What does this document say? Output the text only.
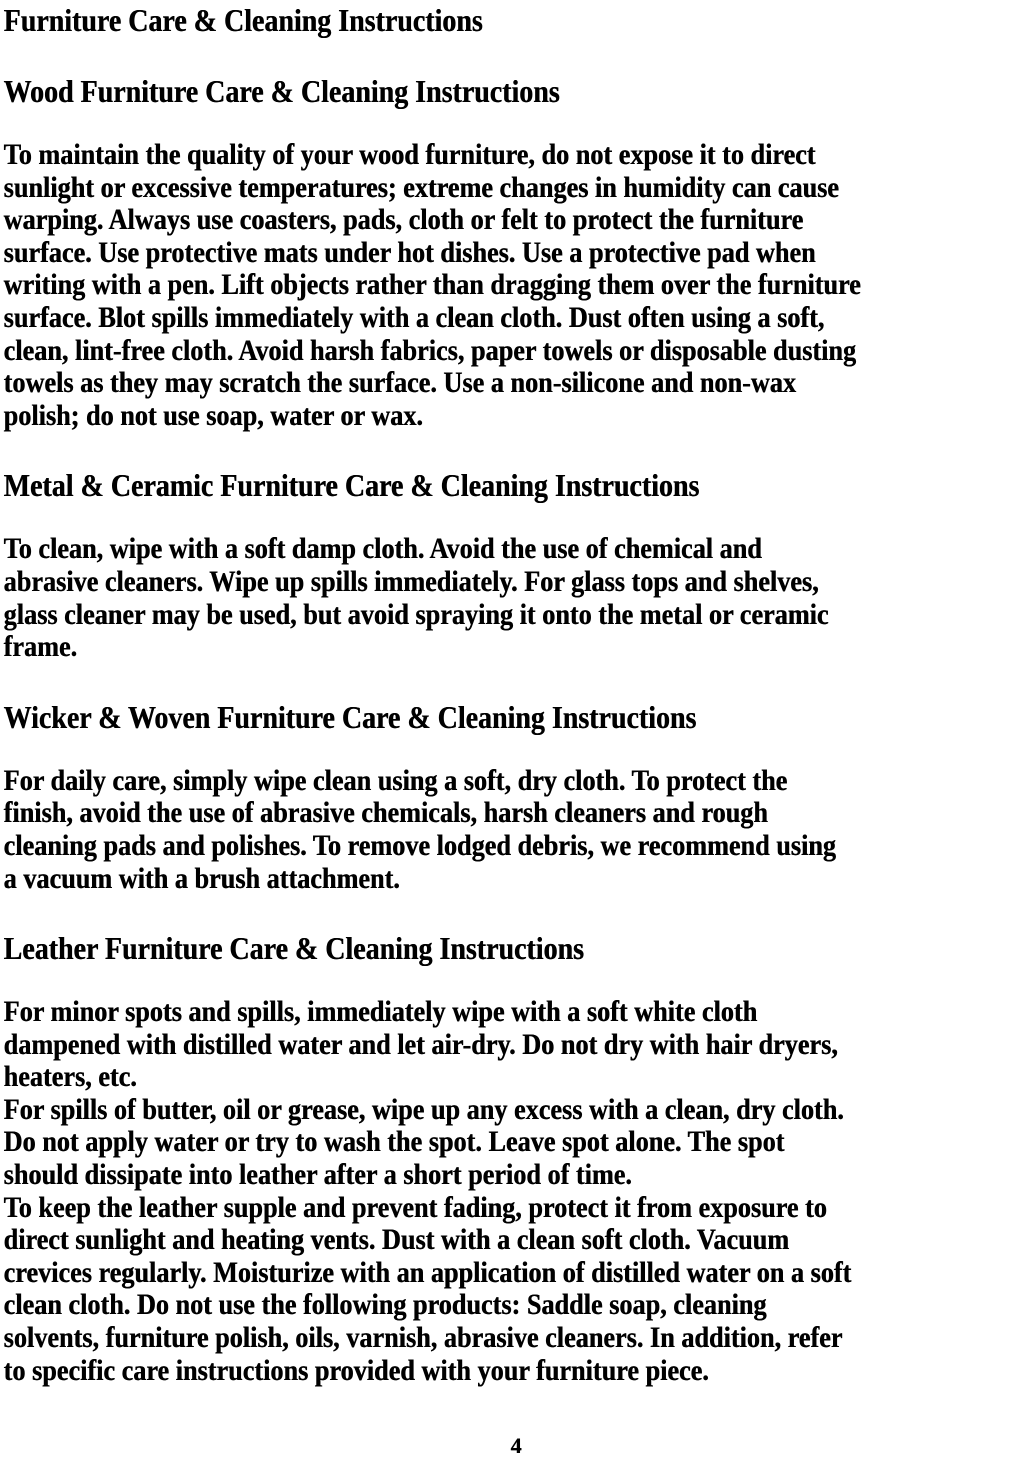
Furniture Care & Cleaning Instructions
Wood Furniture Care & Cleaning Instructions
To maintain the quality of your wood furniture, do not expose it to direct
sunlight or excessive temperatures; extreme changes in humidity can cause
warping. Always use coasters, pads, cloth or felt to protect the furniture
surface. Use protective mats under hot dishes. Use a protective pad when
writing with a pen. Lift objects rather than dragging them over the furniture
surface. Blot spills immediately with a clean cloth. Dust often using a soft,
clean, lint-free cloth. Avoid harsh fabrics, paper towels or disposable dusting
towels as they may scratch the surface. Use a non-silicone and non-wax
polish; do not use soap, water or wax.
Metal & Ceramic Furniture Care & Cleaning Instructions
To clean, wipe with a soft damp cloth. Avoid the use of chemical and
abrasive cleaners. Wipe up spills immediately. For glass tops and shelves,
glass cleaner may be used, but avoid spraying it onto the metal or ceramic
frame.
Wicker & Woven Furniture Care & Cleaning Instructions
For daily care, simply wipe clean using a soft, dry cloth. To protect the
finish, avoid the use of abrasive chemicals, harsh cleaners and rough
cleaning pads and polishes. To remove lodged debris, we recommend using
a vacuum with a brush attachment.
Leather Furniture Care & Cleaning Instructions
For minor spots and spills, immediately wipe with a soft white cloth
dampened with distilled water and let air-dry. Do not dry with hair dryers,
heaters, etc.
For spills of butter, oil or grease, wipe up any excess with a clean, dry cloth.
Do not apply water or try to wash the spot. Leave spot alone. The spot
should dissipate into leather after a short period of time.
To keep the leather supple and prevent fading, protect it from exposure to
direct sunlight and heating vents. Dust with a clean soft cloth. Vacuum
crevices regularly. Moisturize with an application of distilled water on a soft
clean cloth. Do not use the following products: Saddle soap, cleaning
solvents, furniture polish, oils, varnish, abrasive cleaners. In addition, refer
to specific care instructions provided with your furniture piece.
4
